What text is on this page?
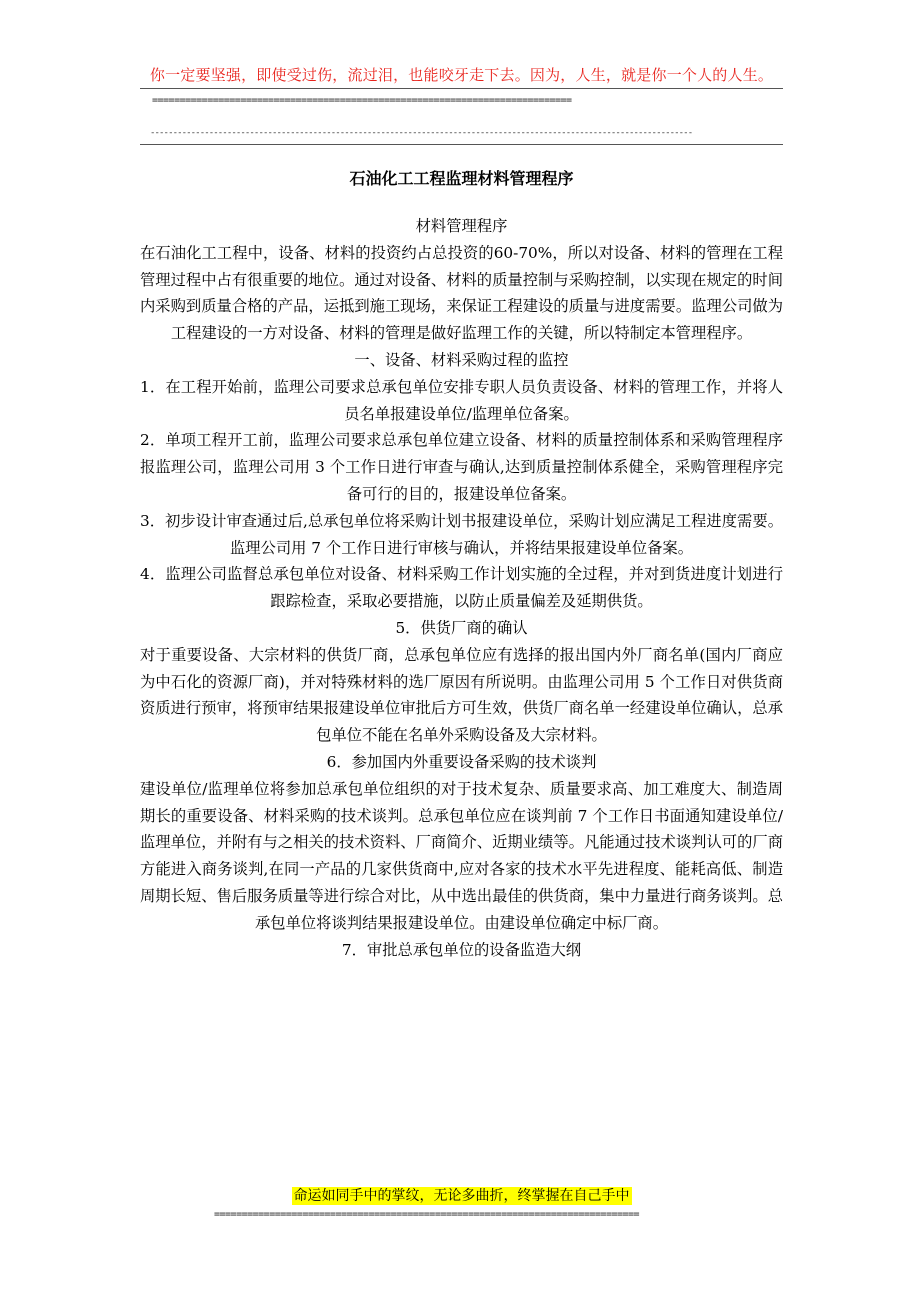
你一定要坚强，即使受过伤，流过泪，也能咬牙走下去。因为，人生，就是你一个人的人生。
============================================================================
------------------------------------------------------------------------------------------------------------------------
石油化工工程监理材料管理程序

材料管理程序

在石油化工工程中，设备、材料的投资约占总投资的60-70%，所以对设备、材料的管理在工程管理过程中占有很重要的地位。通过对设备、材料的质量控制与采购控制，以实现在规定的时间内采购到质量合格的产品，运抵到施工现场，来保证工程建设的质量与进度需要。监理公司做为工程建设的一方对设备、材料的管理是做好监理工作的关键，所以特制定本管理程序。

一、设备、材料采购过程的监控

1．在工程开始前，监理公司要求总承包单位安排专职人员负责设备、材料的管理工作，并将人员名单报建设单位/监理单位备案。

2．单项工程开工前，监理公司要求总承包单位建立设备、材料的质量控制体系和采购管理程序报监理公司，监理公司用 3 个工作日进行审查与确认,达到质量控制体系健全，采购管理程序完备可行的目的，报建设单位备案。

3．初步设计审查通过后,总承包单位将采购计划书报建设单位，采购计划应满足工程进度需要。监理公司用 7 个工作日进行审核与确认，并将结果报建设单位备案。

4．监理公司监督总承包单位对设备、材料采购工作计划实施的全过程，并对到货进度计划进行跟踪检查，采取必要措施，以防止质量偏差及延期供货。

5．供货厂商的确认

对于重要设备、大宗材料的供货厂商，总承包单位应有选择的报出国内外厂商名单(国内厂商应为中石化的资源厂商)，并对特殊材料的选厂原因有所说明。由监理公司用 5 个工作日对供货商资质进行预审，将预审结果报建设单位审批后方可生效，供货厂商名单一经建设单位确认，总承包单位不能在名单外采购设备及大宗材料。

6．参加国内外重要设备采购的技术谈判

建设单位/监理单位将参加总承包单位组织的对于技术复杂、质量要求高、加工难度大、制造周期长的重要设备、材料采购的技术谈判。总承包单位应在谈判前 7 个工作日书面通知建设单位/监理单位，并附有与之相关的技术资料、厂商简介、近期业绩等。凡能通过技术谈判认可的厂商方能进入商务谈判,在同一产品的几家供货商中,应对各家的技术水平先进程度、能耗高低、制造周期长短、售后服务质量等进行综合对比，从中选出最佳的供货商，集中力量进行商务谈判。总承包单位将谈判结果报建设单位。由建设单位确定中标厂商。

7．审批总承包单位的设备监造大纲

命运如同手中的掌纹，无论多曲折，终掌握在自己手中
=============================================================================
